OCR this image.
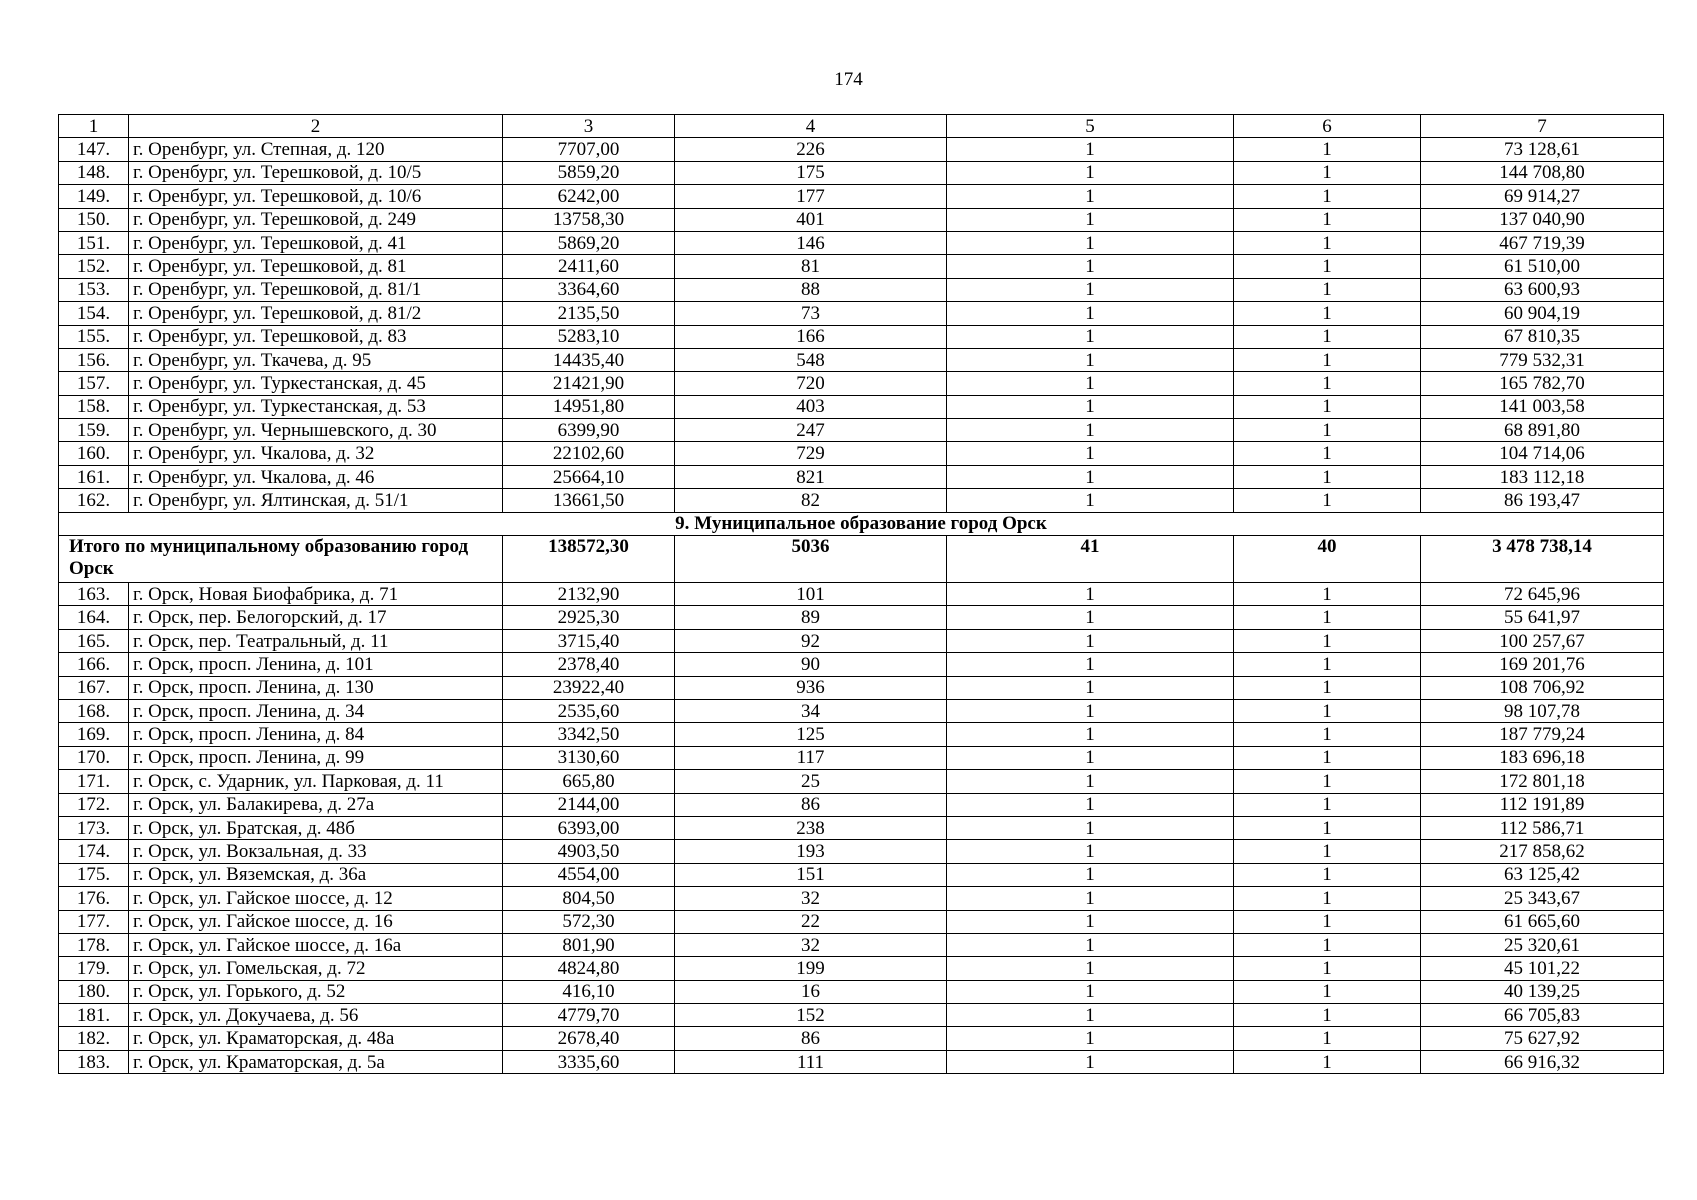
174
1	2	3	4	5	6	7
147.	г. Оренбург, ул. Степная, д. 120	7707,00	226	1	1	73 128,61
148.	г. Оренбург, ул. Терешковой, д. 10/5	5859,20	175	1	1	144 708,80
149.	г. Оренбург, ул. Терешковой, д. 10/6	6242,00	177	1	1	69 914,27
150.	г. Оренбург, ул. Терешковой, д. 249	13758,30	401	1	1	137 040,90
151.	г. Оренбург, ул. Терешковой, д. 41	5869,20	146	1	1	467 719,39
152.	г. Оренбург, ул. Терешковой, д. 81	2411,60	81	1	1	61 510,00
153.	г. Оренбург, ул. Терешковой, д. 81/1	3364,60	88	1	1	63 600,93
154.	г. Оренбург, ул. Терешковой, д. 81/2	2135,50	73	1	1	60 904,19
155.	г. Оренбург, ул. Терешковой, д. 83	5283,10	166	1	1	67 810,35
156.	г. Оренбург, ул. Ткачева, д. 95	14435,40	548	1	1	779 532,31
157.	г. Оренбург, ул. Туркестанская, д. 45	21421,90	720	1	1	165 782,70
158.	г. Оренбург, ул. Туркестанская, д. 53	14951,80	403	1	1	141 003,58
159.	г. Оренбург, ул. Чернышевского, д. 30	6399,90	247	1	1	68 891,80
160.	г. Оренбург, ул. Чкалова, д. 32	22102,60	729	1	1	104 714,06
161.	г. Оренбург, ул. Чкалова, д. 46	25664,10	821	1	1	183 112,18
162.	г. Оренбург, ул. Ялтинская, д. 51/1	13661,50	82	1	1	86 193,47
9. Муниципальное образование город Орск						
Итого по муниципальному образованию город Орск		138572,30	5036	41	40	3 478 738,14
163.	г. Орск, Новая Биофабрика, д. 71	2132,90	101	1	1	72 645,96
164.	г. Орск, пер. Белогорский, д. 17	2925,30	89	1	1	55 641,97
165.	г. Орск, пер. Театральный, д. 11	3715,40	92	1	1	100 257,67
166.	г. Орск, просп. Ленина, д. 101	2378,40	90	1	1	169 201,76
167.	г. Орск, просп. Ленина, д. 130	23922,40	936	1	1	108 706,92
168.	г. Орск, просп. Ленина, д. 34	2535,60	34	1	1	98 107,78
169.	г. Орск, просп. Ленина, д. 84	3342,50	125	1	1	187 779,24
170.	г. Орск, просп. Ленина, д. 99	3130,60	117	1	1	183 696,18
171.	г. Орск, с. Ударник, ул. Парковая, д. 11	665,80	25	1	1	172 801,18
172.	г. Орск, ул. Балакирева, д. 27а	2144,00	86	1	1	112 191,89
173.	г. Орск, ул. Братская, д. 48б	6393,00	238	1	1	112 586,71
174.	г. Орск, ул. Вокзальная, д. 33	4903,50	193	1	1	217 858,62
175.	г. Орск, ул. Вяземская, д. 36а	4554,00	151	1	1	63 125,42
176.	г. Орск, ул. Гайское шоссе, д. 12	804,50	32	1	1	25 343,67
177.	г. Орск, ул. Гайское шоссе, д. 16	572,30	22	1	1	61 665,60
178.	г. Орск, ул. Гайское шоссе, д. 16а	801,90	32	1	1	25 320,61
179.	г. Орск, ул. Гомельская, д. 72	4824,80	199	1	1	45 101,22
180.	г. Орск, ул. Горького, д. 52	416,10	16	1	1	40 139,25
181.	г. Орск, ул. Докучаева, д. 56	4779,70	152	1	1	66 705,83
182.	г. Орск, ул. Краматорская, д. 48а	2678,40	86	1	1	75 627,92
183.	г. Орск, ул. Краматорская, д. 5а	3335,60	111	1	1	66 916,32
